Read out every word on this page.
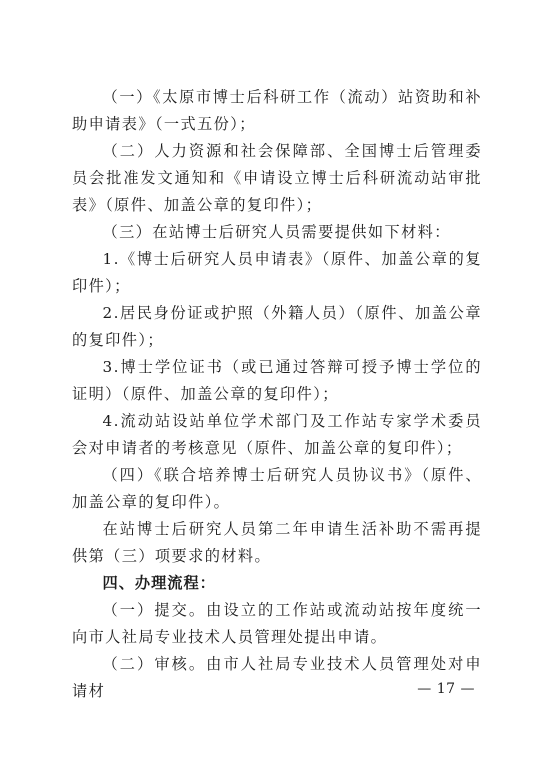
（一）《太原市博士后科研工作（流动）站资助和补助申请表》（一式五份）；

（二）人力资源和社会保障部、全国博士后管理委员会批准发文通知和《申请设立博士后科研流动站审批表》（原件、加盖公章的复印件）；

（三）在站博士后研究人员需要提供如下材料：

1.《博士后研究人员申请表》（原件、加盖公章的复印件）；

2.居民身份证或护照（外籍人员）（原件、加盖公章的复印件）；

3.博士学位证书（或已通过答辩可授予博士学位的证明）（原件、加盖公章的复印件）；

4.流动站设站单位学术部门及工作站专家学术委员会对申请者的考核意见（原件、加盖公章的复印件）；

（四）《联合培养博士后研究人员协议书》（原件、加盖公章的复印件）。

在站博士后研究人员第二年申请生活补助不需再提供第（三）项要求的材料。

四、办理流程：

（一）提交。由设立的工作站或流动站按年度统一向市人社局专业技术人员管理处提出申请。

（二）审核。由市人社局专业技术人员管理处对申请材	— 17 —
